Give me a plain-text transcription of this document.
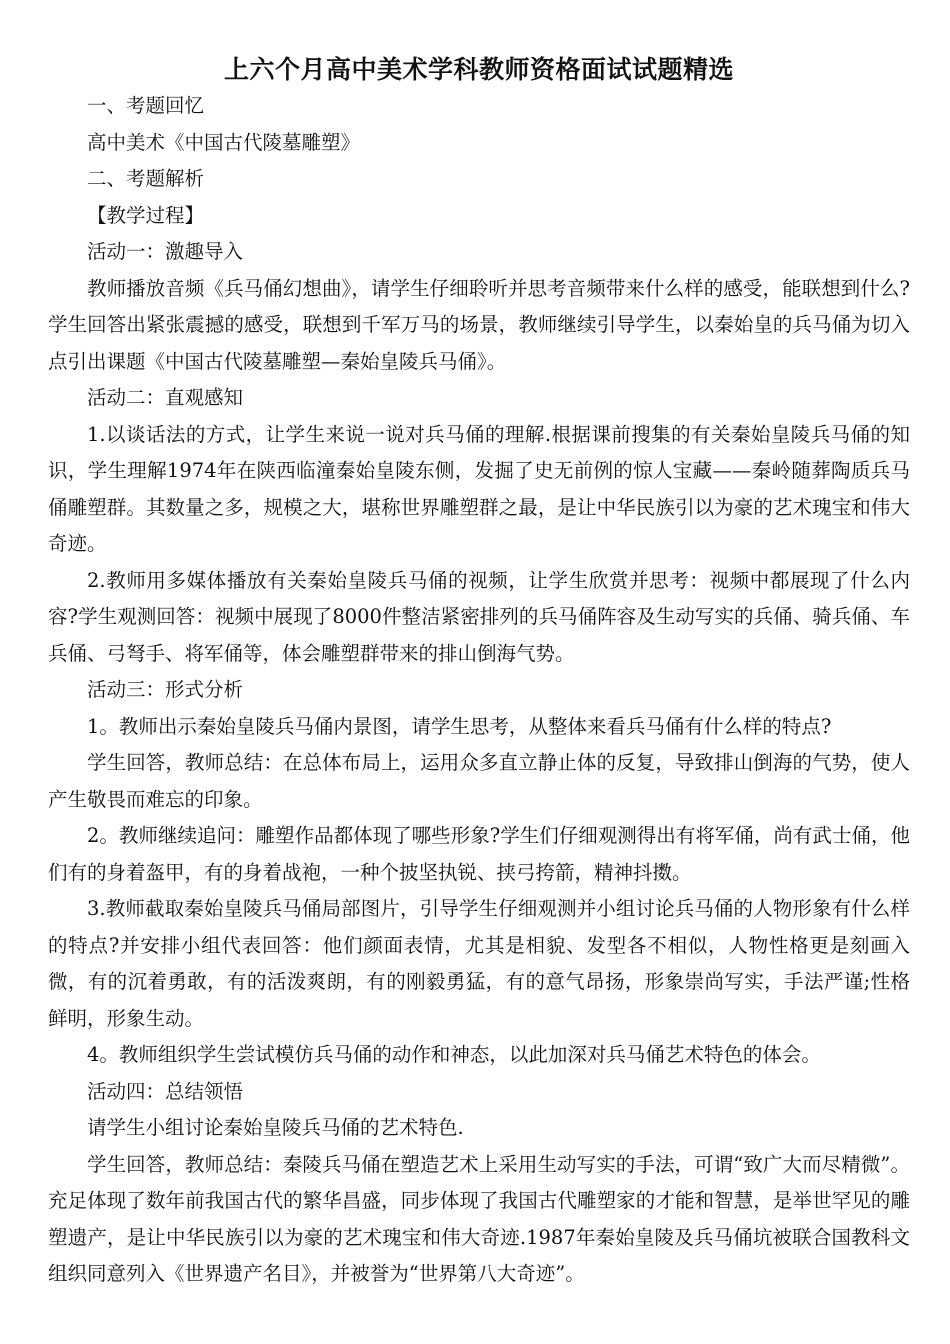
上六个月高中美术学科教师资格面试试题精选
一、考题回忆
高中美术《中国古代陵墓雕塑》
二、考题解析
【教学过程】
活动一：激趣导入
教师播放音频《兵马俑幻想曲》，请学生仔细聆听并思考音频带来什么样的感受，能联想到什么?学生回答出紧张震撼的感受，联想到千军万马的场景，教师继续引导学生，以秦始皇的兵马俑为切入点引出课题《中国古代陵墓雕塑—秦始皇陵兵马俑》。
活动二：直观感知
1.以谈话法的方式，让学生来说一说对兵马俑的理解.根据课前搜集的有关秦始皇陵兵马俑的知识，学生理解1974年在陕西临潼秦始皇陵东侧，发掘了史无前例的惊人宝藏——秦岭随葬陶质兵马俑雕塑群。其数量之多，规模之大，堪称世界雕塑群之最，是让中华民族引以为豪的艺术瑰宝和伟大奇迹。
2.教师用多媒体播放有关秦始皇陵兵马俑的视频，让学生欣赏并思考：视频中都展现了什么内容?学生观测回答：视频中展现了8000件整洁紧密排列的兵马俑阵容及生动写实的兵俑、骑兵俑、车兵俑、弓弩手、将军俑等，体会雕塑群带来的排山倒海气势。
活动三：形式分析
1。教师出示秦始皇陵兵马俑内景图，请学生思考，从整体来看兵马俑有什么样的特点?
学生回答，教师总结：在总体布局上，运用众多直立静止体的反复，导致排山倒海的气势，使人产生敬畏而难忘的印象。
2。教师继续追问：雕塑作品都体现了哪些形象?学生们仔细观测得出有将军俑，尚有武士俑，他们有的身着盔甲，有的身着战袍，一种个披坚执锐、挟弓挎箭，精神抖擞。
3.教师截取秦始皇陵兵马俑局部图片，引导学生仔细观测并小组讨论兵马俑的人物形象有什么样的特点?并安排小组代表回答：他们颜面表情，尤其是相貌、发型各不相似，人物性格更是刻画入微，有的沉着勇敢，有的活泼爽朗，有的刚毅勇猛，有的意气昂扬，形象崇尚写实，手法严谨;性格鲜明，形象生动。
4。教师组织学生尝试模仿兵马俑的动作和神态，以此加深对兵马俑艺术特色的体会。
活动四：总结领悟
请学生小组讨论秦始皇陵兵马俑的艺术特色.
学生回答，教师总结：秦陵兵马俑在塑造艺术上采用生动写实的手法，可谓“致广大而尽精微”。充足体现了数年前我国古代的繁华昌盛，同步体现了我国古代雕塑家的才能和智慧，是举世罕见的雕塑遗产，是让中华民族引以为豪的艺术瑰宝和伟大奇迹.1987年秦始皇陵及兵马俑坑被联合国教科文组织同意列入《世界遗产名目》，并被誉为“世界第八大奇迹”。
